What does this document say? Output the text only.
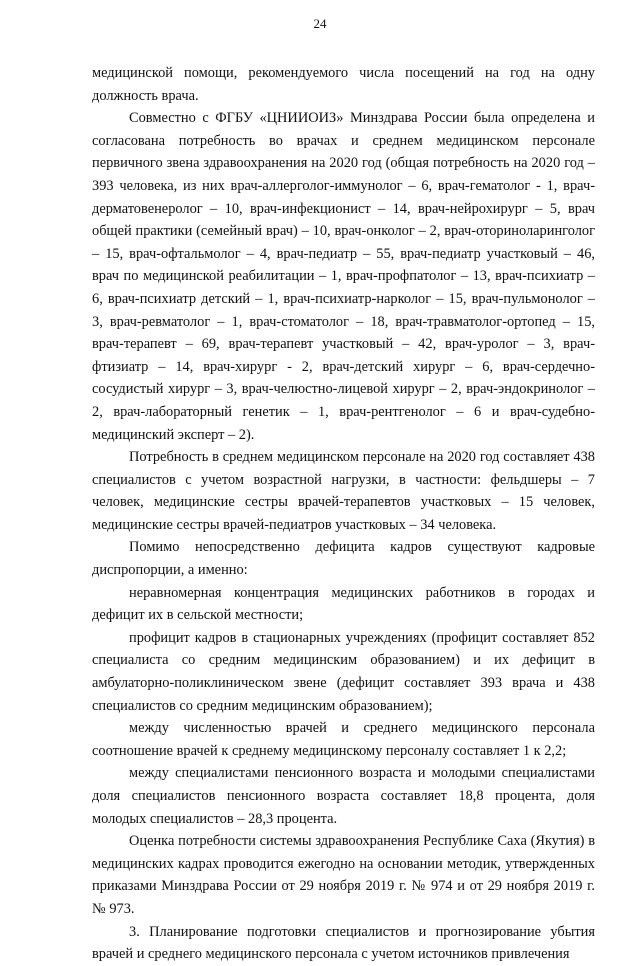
24

медицинской помощи, рекомендуемого числа посещений на год на одну должность врача.

Совместно с ФГБУ «ЦНИИОИЗ» Минздрава России была определена и согласована потребность во врачах и среднем медицинском персонале первичного звена здравоохранения на 2020 год (общая потребность на 2020 год – 393 человека, из них врач-аллерголог-иммунолог – 6, врач-гематолог - 1, врач-дерматовенеролог – 10, врач-инфекционист – 14, врач-нейрохирург – 5, врач общей практики (семейный врач) – 10, врач-онколог – 2, врач-оториноларинголог – 15, врач-офтальмолог – 4, врач-педиатр – 55, врач-педиатр участковый – 46, врач по медицинской реабилитации – 1, врач-профпатолог – 13, врач-психиатр – 6, врач-психиатр детский – 1, врач-психиатр-нарколог – 15, врач-пульмонолог – 3, врач-ревматолог – 1, врач-стоматолог – 18, врач-травматолог-ортопед – 15, врач-терапевт – 69, врач-терапевт участковый – 42, врач-уролог – 3, врач-фтизиатр – 14, врач-хирург - 2, врач-детский хирург – 6, врач-сердечно-сосудистый хирург – 3, врач-челюстно-лицевой хирург – 2, врач-эндокринолог – 2, врач-лабораторный генетик – 1, врач-рентгенолог – 6 и врач-судебно-медицинский эксперт – 2).

Потребность в среднем медицинском персонале на 2020 год составляет 438 специалистов с учетом возрастной нагрузки, в частности: фельдшеры – 7 человек, медицинские сестры врачей-терапевтов участковых – 15 человек, медицинские сестры врачей-педиатров участковых – 34 человека.

Помимо непосредственно дефицита кадров существуют кадровые диспропорции, а именно:

неравномерная концентрация медицинских работников в городах и дефицит их в сельской местности;

профицит кадров в стационарных учреждениях (профицит составляет 852 специалиста со средним медицинским образованием) и их дефицит в амбулаторно-поликлиническом звене (дефицит составляет 393 врача и 438 специалистов со средним медицинским образованием);

между численностью врачей и среднего медицинского персонала соотношение врачей к среднему медицинскому персоналу составляет 1 к 2,2;

между специалистами пенсионного возраста и молодыми специалистами доля специалистов пенсионного возраста составляет 18,8 процента, доля молодых специалистов – 28,3 процента.

Оценка потребности системы здравоохранения Республике Саха (Якутия) в медицинских кадрах проводится ежегодно на основании методик, утвержденных приказами Минздрава России от 29 ноября 2019 г. № 974 и от 29 ноября 2019 г. № 973.

3. Планирование подготовки специалистов и прогнозирование убытия врачей и среднего медицинского персонала с учетом источников привлечения
